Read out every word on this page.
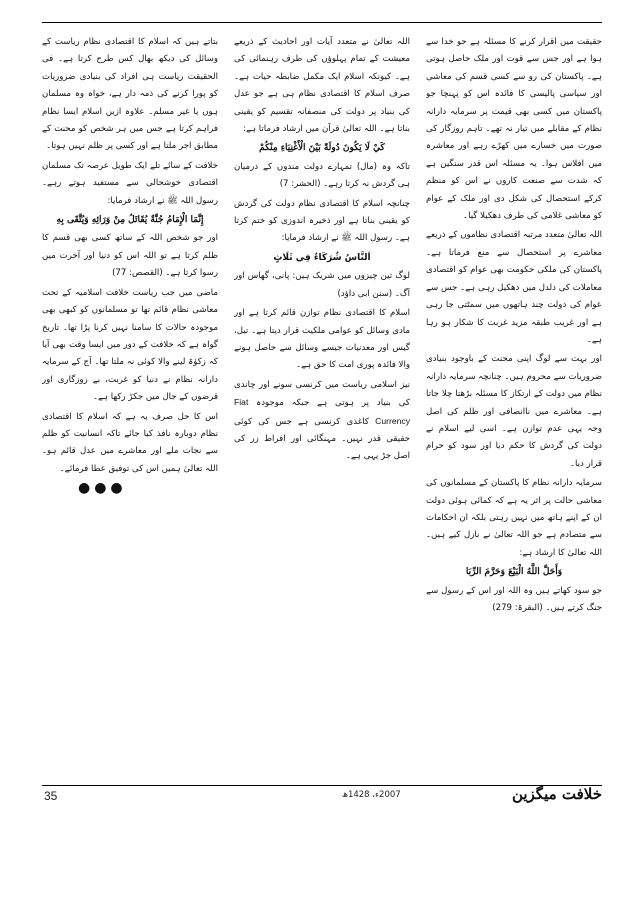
حقیقت میں اقرار کرنے کا مسئلہ ہے جو خدا سے ہوا ہے اور جس سے قوت اور ملک حاصل ہوتی ہے۔ پاکستان کی رو سے کسی قسم کی معاشی اور سیاسی پالیسی کا فائدہ اس کو پہنچا جو پاکستان میں کسی بھی قیمت پر سرمایہ دارانہ نظام کے مقابلے میں تیار نہ تھے۔ تاہم روزگار کی صورت میں خسارے میں کھڑے رہے اور معاشرہ میں افلاس ہوا۔ یہ مسئلہ اس قدر سنگین ہے کہ شدت سے صنعت کاروں نے اس کو منظم کرکے استحصال کی شکل دی اور ملک کے عوام کو معاشی غلامی کی طرف دھکیلا گیا۔

اللہ تعالیٰ متعدد مرتبہ اقتصادی نظاموں کے ذریعے معاشرے پر استحصال سے منع فرماتا ہے۔ پاکستان کی ملکی حکومت بھی عوام کو اقتصادی معاملات کی دلدل میں دھکیل رہی ہے۔ جس سے عوام کی دولت چند ہاتھوں میں سمٹتی جا رہی ہے اور غریب طبقہ مزید غربت کا شکار ہو رہا ہے۔

اور بہت سے لوگ اپنی محنت کے باوجود بنیادی ضروریات سے محروم ہیں۔ چنانچہ سرمایہ دارانہ نظام میں دولت کے ارتکاز کا مسئلہ بڑھتا چلا جاتا ہے۔ معاشرے میں ناانصافی اور ظلم کی اصل وجہ یہی عدم توازن ہے۔ اسی لیے اسلام نے دولت کی گردش کا حکم دیا اور سود کو حرام قرار دیا۔

سرمایہ دارانہ نظام کا پاکستان کے مسلمانوں کی معاشی حالت پر اثر یہ ہے کہ کمائی ہوئی دولت ان کے اپنے ہاتھ میں نہیں رہتی بلکہ ان احکامات سے متصادم ہے جو اللہ تعالیٰ نے نازل کیے ہیں۔ اللہ تعالیٰ کا ارشاد ہے:

وَأَحَلَّ اللَّهُ الْبَيْعَ وَحَرَّمَ الرِّبَا

جو سود کھاتے ہیں وہ اللہ اور اس کے رسول سے جنگ کرتے ہیں۔ (البقرۃ: 279)

اللہ تعالیٰ نے متعدد آیات اور احادیث کے ذریعے معیشت کے تمام پہلوؤں کی طرف رہنمائی کی ہے۔ کیونکہ اسلام ایک مکمل ضابطہ حیات ہے۔ صرف اسلام کا اقتصادی نظام ہی ہے جو عدل کی بنیاد پر دولت کی منصفانہ تقسیم کو یقینی بناتا ہے۔ اللہ تعالیٰ قرآن میں ارشاد فرماتا ہے:

كَيْ لَا يَكُونَ دُولَةً بَيْنَ الْأَغْنِيَاءِ مِنْكُمْ

تاکہ وہ (مال) تمہارے دولت مندوں کے درمیان ہی گردش نہ کرتا رہے۔ (الحشر: 7)

چنانچہ اسلام کا اقتصادی نظام دولت کی گردش کو یقینی بناتا ہے اور ذخیرہ اندوزی کو ختم کرتا ہے۔ رسول اللہ ﷺ نے ارشاد فرمایا:

اَلنَّاسُ شُرَكَاءُ فِي ثَلَاثٍ

لوگ تین چیزوں میں شریک ہیں: پانی، گھاس اور آگ۔ (سنن ابی داؤد)

اسلام کا اقتصادی نظام توازن قائم کرتا ہے اور مادی وسائل کو عوامی ملکیت قرار دیتا ہے۔ تیل، گیس اور معدنیات جیسے وسائل سے حاصل ہونے والا فائدہ پوری امت کا حق ہے۔

نیز اسلامی ریاست میں کرنسی سونے اور چاندی کی بنیاد پر ہوتی ہے جبکہ موجودہ Fiat Currency کاغذی کرنسی ہے جس کی کوئی حقیقی قدر نہیں۔ مہنگائی اور افراط زر کی اصل جڑ یہی ہے۔

بتاتے ہیں کہ اسلام کا اقتصادی نظام ریاست کے وسائل کی دیکھ بھال کس طرح کرتا ہے۔ فی الحقیقت ریاست ہی افراد کی بنیادی ضروریات کو پورا کرنے کی ذمہ دار ہے، خواہ وہ مسلمان ہوں یا غیر مسلم۔ علاوہ ازیں اسلام ایسا نظام فراہم کرتا ہے جس میں ہر شخص کو محنت کے مطابق اجر ملتا ہے اور کسی پر ظلم نہیں ہوتا۔

خلافت کے سائے تلے ایک طویل عرصہ تک مسلمان اقتصادی خوشحالی سے مستفید ہوتے رہے۔ رسول اللہ ﷺ نے ارشاد فرمایا:

إِنَّمَا الْإِمَامُ جُنَّةٌ يُقَاتَلُ مِنْ وَرَائِهِ وَيُتَّقَى بِهِ

اور جو شخص اللہ کے ساتھ کسی بھی قسم کا ظلم کرتا ہے تو اللہ اس کو دنیا اور آخرت میں رسوا کرتا ہے۔ (القصص: 77)

ماضی میں جب ریاست خلافت اسلامیہ کے تحت معاشی نظام قائم تھا تو مسلمانوں کو کبھی بھی موجودہ حالات کا سامنا نہیں کرنا پڑا تھا۔ تاریخ گواہ ہے کہ خلافت کے دور میں ایسا وقت بھی آیا کہ زکوٰۃ لینے والا کوئی نہ ملتا تھا۔ آج کے سرمایہ دارانہ نظام نے دنیا کو غربت، بے روزگاری اور قرضوں کے جال میں جکڑ رکھا ہے۔

اس کا حل صرف یہ ہے کہ اسلام کا اقتصادی نظام دوبارہ نافذ کیا جائے تاکہ انسانیت کو ظلم سے نجات ملے اور معاشرے میں عدل قائم ہو۔ اللہ تعالیٰ ہمیں اس کی توفیق عطا فرمائے۔

●●●
35	2007ء، 1428ھ	خلافت میگزین
